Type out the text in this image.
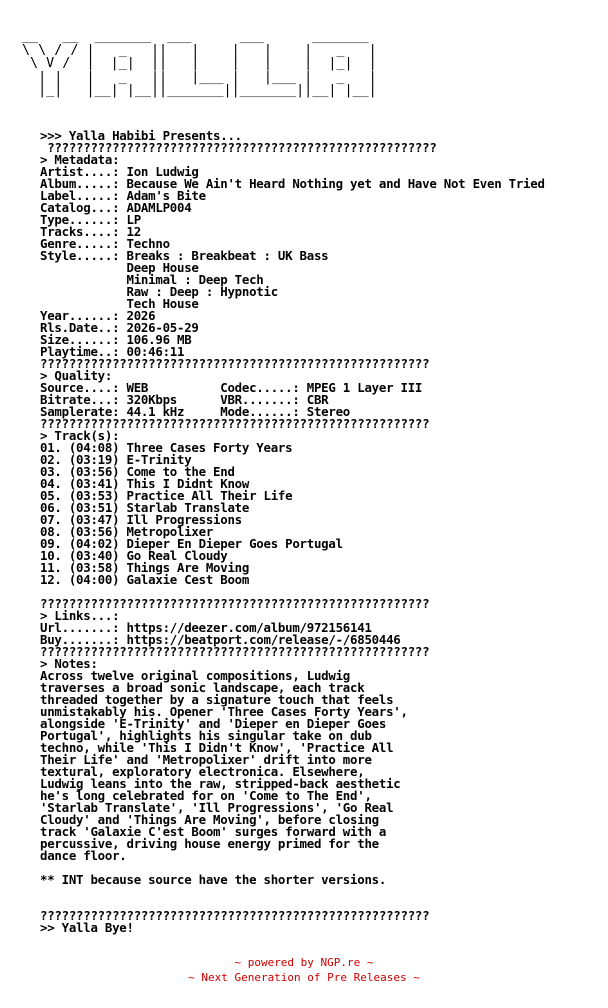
__   __  _______  ___      ___      _______
\ \ / / |   _   ||   |    |   |    |   _   |
\ V /  |  |_|  ||   |    |   |    |  |_|  |
| |   |   _   ||   |___ |   |___ |   _   |
|_|   |__| |__||_______||_______||__| |__|
>>> Yalla Habibi Presents...
??????????????????????????????????????????????????????
> Metadata:
Artist....: Ion Ludwig
Album.....: Because We Ain't Heard Nothing yet and Have Not Even Tried
Label.....: Adam's Bite
Catalog...: ADAMLP004
Type......: LP
Tracks....: 12
Genre.....: Techno
Style.....: Breaks : Breakbeat : UK Bass
Deep House
Minimal : Deep Tech
Raw : Deep : Hypnotic
Tech House
Year......: 2026
Rls.Date..: 2026-05-29
Size......: 106.96 MB
Playtime..: 00:46:11
??????????????????????????????????????????????????????
> Quality:
Source....: WEB          Codec.....: MPEG 1 Layer III
Bitrate...: 320Kbps      VBR.......: CBR
Samplerate: 44.1 kHz     Mode......: Stereo
??????????????????????????????????????????????????????
> Track(s):
01. (04:08) Three Cases Forty Years
02. (03:19) E-Trinity
03. (03:56) Come to the End
04. (03:41) This I Didnt Know
05. (03:53) Practice All Their Life
06. (03:51) Starlab Translate
07. (03:47) Ill Progressions
08. (03:56) Metropolixer
09. (04:02) Dieper En Dieper Goes Portugal
10. (03:40) Go Real Cloudy
11. (03:58) Things Are Moving
12. (04:00) Galaxie Cest Boom

??????????????????????????????????????????????????????
> Links...:
Url.......: https://deezer.com/album/972156141
Buy.......: https://beatport.com/release/-/6850446
??????????????????????????????????????????????????????
> Notes:
Across twelve original compositions, Ludwig
traverses a broad sonic landscape, each track
threaded together by a signature touch that feels
unmistakably his. Opener 'Three Cases Forty Years',
alongside 'E-Trinity' and 'Dieper en Dieper Goes
Portugal', highlights his singular take on dub
techno, while 'This I Didn't Know', 'Practice All
Their Life' and 'Metropolixer' drift into more
textural, exploratory electronica. Elsewhere,
Ludwig leans into the raw, stripped-back aesthetic
he's long celebrated for on 'Come to The End',
'Starlab Translate', 'Ill Progressions', 'Go Real
Cloudy' and 'Things Are Moving', before closing
track 'Galaxie C'est Boom' surges forward with a
percussive, driving house energy primed for the
dance floor.

** INT because source have the shorter versions.

??????????????????????????????????????????????????????
>> Yalla Bye!
~ powered by NGP.re ~
~ Next Generation of Pre Releases ~
